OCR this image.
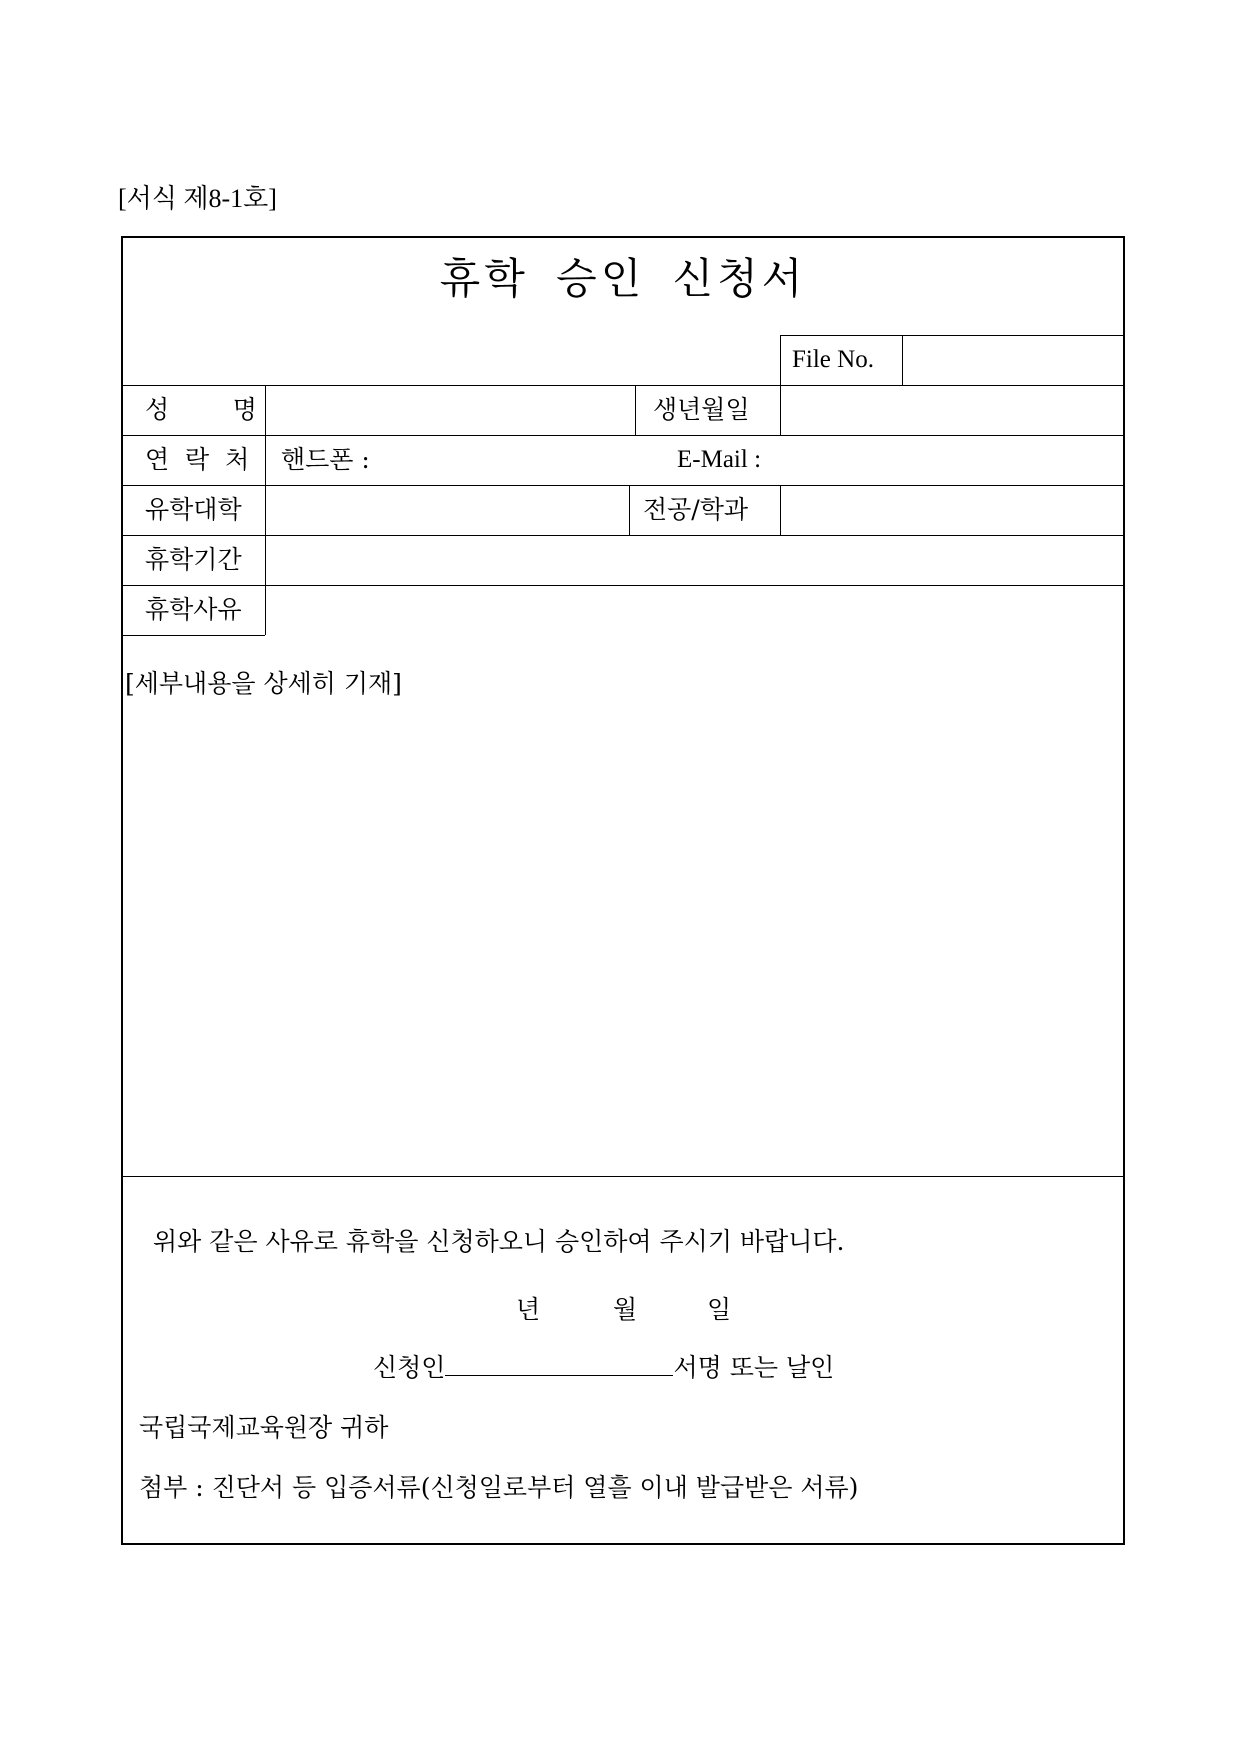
[서식 제8-1호]
휴학 승인 신청서
File No.
성        명	생년월일
연  락  처 핸드폰 :	E-Mail :
유학대학	전공/학과
휴학기간
휴학사유
[세부내용을 상세히 기재]
위와 같은 사유로 휴학을 신청하오니 승인하여 주시기 바랍니다.
년	월	일
신청인	서명 또는 날인
국립국제교육원장 귀하
첨부 : 진단서 등 입증서류(신청일로부터 열흘 이내 발급받은 서류)
